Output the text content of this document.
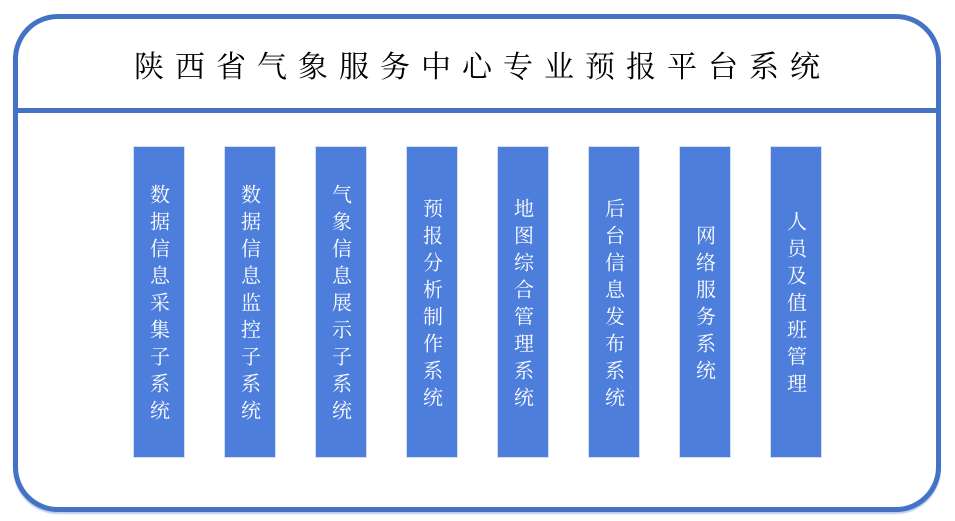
陕西省气象服务中心专业预报平台系统
数据信息采集子系统	数据信息监控子系统	气象信息展示子系统	预报分析制作系统	地图综合管理系统	后台信息发布系统	网络服务系统	人员及值班管理
